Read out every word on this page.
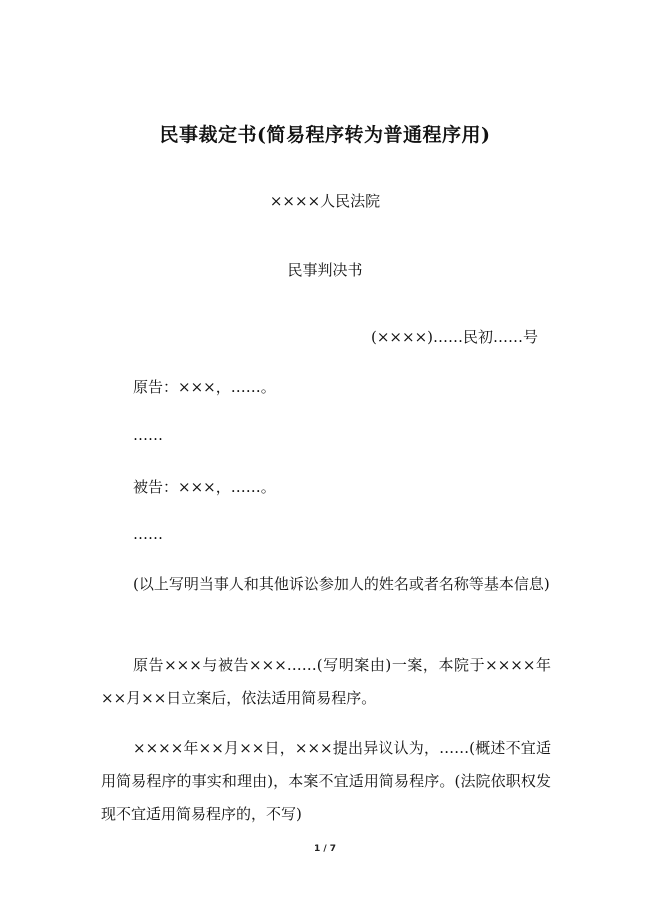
民事裁定书(简易程序转为普通程序用)
××××人民法院
民事判决书
(××××)……民初……号
原告：×××，……。
……
被告：×××，……。
……

(以上写明当事人和其他诉讼参加人的姓名或者名称等基本信息)

原告×××与被告×××……(写明案由)一案，本院于××××年××月××日立案后，依法适用简易程序。

××××年××月××日，×××提出异议认为，……(概述不宜适用简易程序的事实和理由)，本案不宜适用简易程序。(法院依职权发现不宜适用简易程序的，不写)

1 / 7
